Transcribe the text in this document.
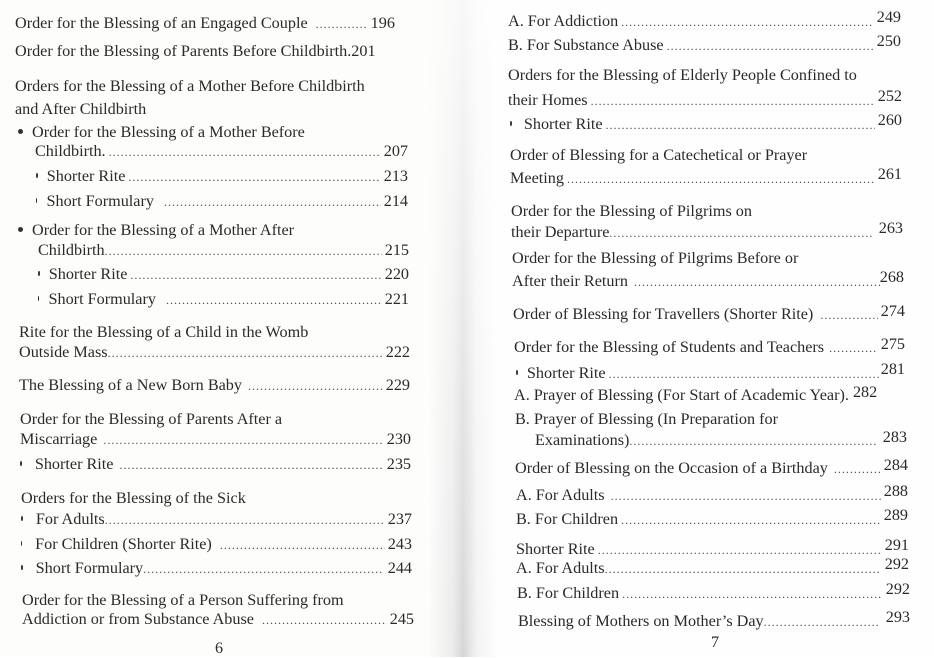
Order for the Blessing of an Engaged Couple .....	196
Order for the Blessing of Parents Before Childbirth. 201
Orders for the Blessing of a Mother Before Childbirth
and After Childbirth
Order for the Blessing of a Mother Before
Childbirth. .....	207
Shorter Rite .....	213
Short Formulary .....	214
Order for the Blessing of a Mother After
Childbirth .....	215
Shorter Rite .....	220
Short Formulary .....	221
Rite for the Blessing of a Child in the Womb
Outside Mass .....	222
The Blessing of a New Born Baby .....	229
Order for the Blessing of Parents After a
Miscarriage .....	230
Shorter Rite .....	235
Orders for the Blessing of the Sick
For Adults .....	237
For Children (Shorter Rite) .....	243
Short Formulary .....	244
Order for the Blessing of a Person Suffering from
Addiction or from Substance Abuse .....	245
6
A. For Addiction .....	249
B. For Substance Abuse .....	250
Orders for the Blessing of Elderly People Confined to
their Homes .....	252
Shorter Rite .....	260
Order of Blessing for a Catechetical or Prayer
Meeting .....	261
Order for the Blessing of Pilgrims on
their Departure .....	263
Order for the Blessing of Pilgrims Before or
After their Return .....	268
Order of Blessing for Travellers (Shorter Rite) .....	274
Order for the Blessing of Students and Teachers .....	275
Shorter Rite .....	281
A. Prayer of Blessing (For Start of Academic Year). 282
B. Prayer of Blessing (In Preparation for
Examinations) .....	283
Order of Blessing on the Occasion of a Birthday .....	284
A. For Adults .....	288
B. For Children .....	289
Shorter Rite .....	291
A. For Adults .....	292
B. For Children .....	292
Blessing of Mothers on Mother’s Day .....	293
7
